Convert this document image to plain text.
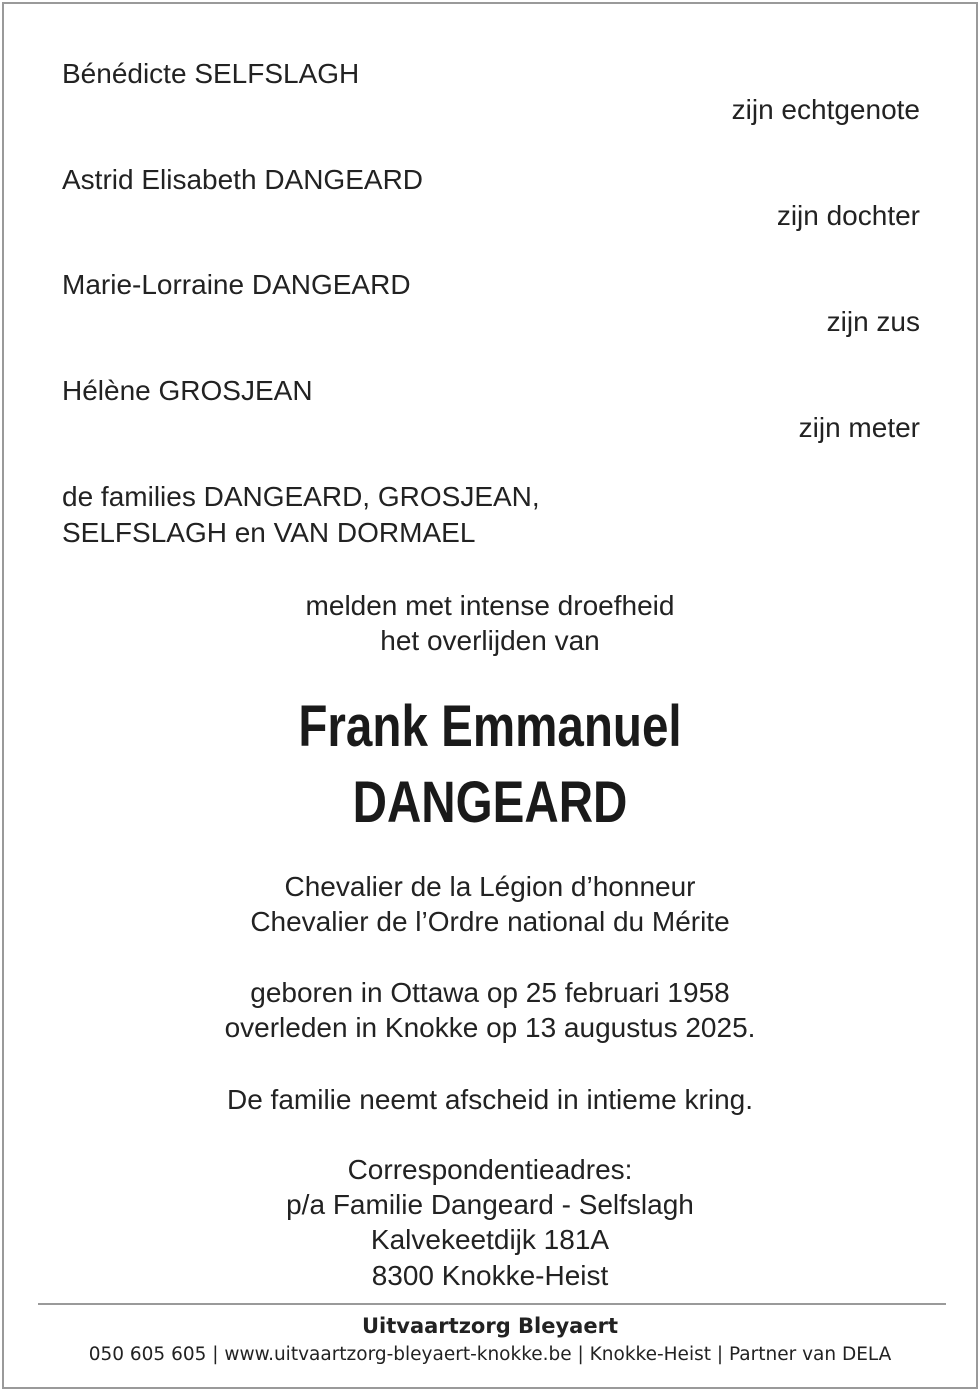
Bénédicte SELFSLAGH
zijn echtgenote
Astrid Elisabeth DANGEARD
zijn dochter
Marie-Lorraine DANGEARD
zijn zus
Hélène GROSJEAN
zijn meter
de families DANGEARD, GROSJEAN,
SELFSLAGH en VAN DORMAEL
melden met intense droefheid
het overlijden van
Frank Emmanuel
DANGEARD
Chevalier de la Légion d’honneur
Chevalier de l’Ordre national du Mérite
geboren in Ottawa op 25 februari 1958
overleden in Knokke op 13 augustus 2025.
De familie neemt afscheid in intieme kring.
Correspondentieadres:
p/a Familie Dangeard - Selfslagh
Kalvekeetdijk 181A
8300 Knokke-Heist
Uitvaartzorg Bleyaert
050 605 605 | www.uitvaartzorg-bleyaert-knokke.be | Knokke-Heist | Partner van DELA
